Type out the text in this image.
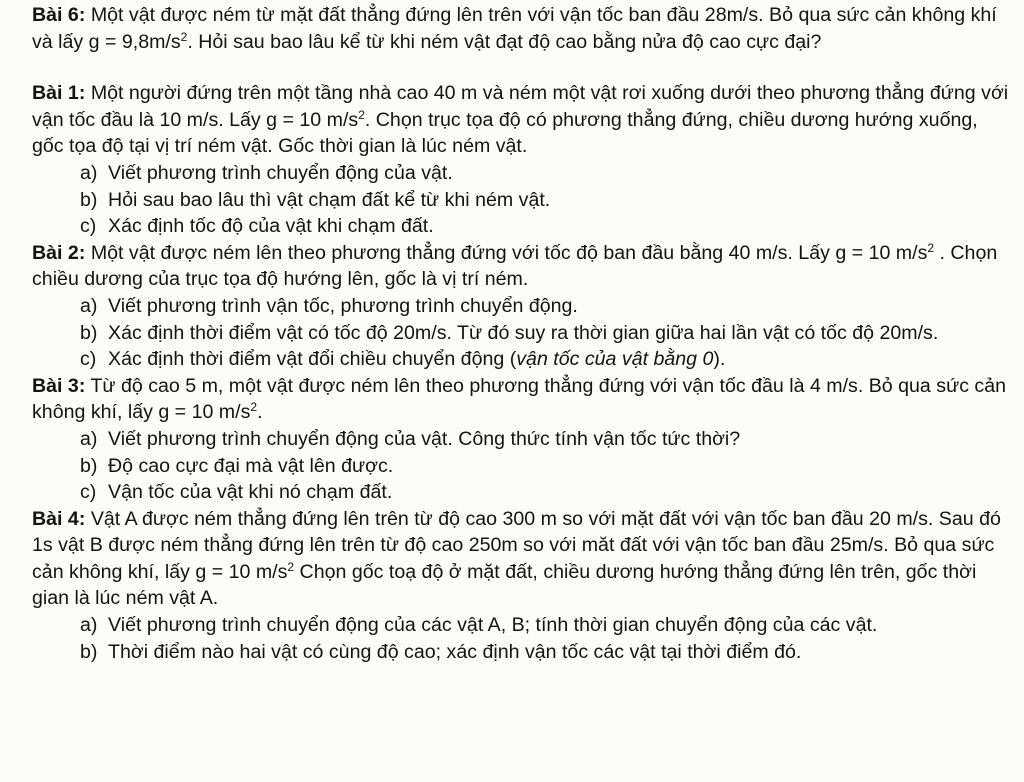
Bài 6: Một vật được ném từ mặt đất thẳng đứng lên trên với vận tốc ban đầu 28m/s. Bỏ qua sức cản không khí và lấy $g = 9,8m/s^2$. Hỏi sau bao lâu kể từ khi ném vật đạt độ cao bằng nửa độ cao cực đại?

Bài 1: Một người đứng trên một tầng nhà cao 40 m và ném một vật rơi xuống dưới theo phương thẳng đứng với vận tốc đầu là 10 m/s. Lấy g = 10 $m/s^2$. Chọn trục tọa độ có phương thẳng đứng, chiều dương hướng xuống, gốc tọa độ tại vị trí ném vật. Gốc thời gian là lúc ném vật.

a) Viết phương trình chuyển động của vật.
b) Hỏi sau bao lâu thì vật chạm đất kể từ khi ném vật.
c) Xác định tốc độ của vật khi chạm đất.

Bài 2: Một vật được ném lên theo phương thẳng đứng với tốc độ ban đầu bằng 40 m/s. Lấy g = 10 $m/s^2$ . Chọn chiều dương của trục tọa độ hướng lên, gốc là vị trí ném.

a) Viết phương trình vận tốc, phương trình chuyển động.
b) Xác định thời điểm vật có tốc độ 20m/s. Từ đó suy ra thời gian giữa hai lần vật có tốc độ 20m/s.
c) Xác định thời điểm vật đổi chiều chuyển động (vận tốc của vật bằng 0).

Bài 3: Từ độ cao 5 m, một vật được ném lên theo phương thẳng đứng với vận tốc đầu là 4 m/s. Bỏ qua sức cản không khí, lấy g = 10 $m/s^2$.

a) Viết phương trình chuyển động của vật. Công thức tính vận tốc tức thời?
b) Độ cao cực đại mà vật lên được.
c) Vận tốc của vật khi nó chạm đất.

Bài 4: Vật A được ném thẳng đứng lên trên từ độ cao 300 m so với mặt đất với vận tốc ban đầu 20 m/s. Sau đó 1s vật B được ném thẳng đứng lên trên từ độ cao 250m so với măt đất với vận tốc ban đầu 25m/s. Bỏ qua sức cản không khí, lấy g = 10 $m/s^2$ Chọn gốc toạ độ ở mặt đất, chiều dương hướng thẳng đứng lên trên, gốc thời gian là lúc ném vật A.

a) Viết phương trình chuyển động của các vật A, B; tính thời gian chuyển động của các vật.
b) Thời điểm nào hai vật có cùng độ cao; xác định vận tốc các vật tại thời điểm đó.
